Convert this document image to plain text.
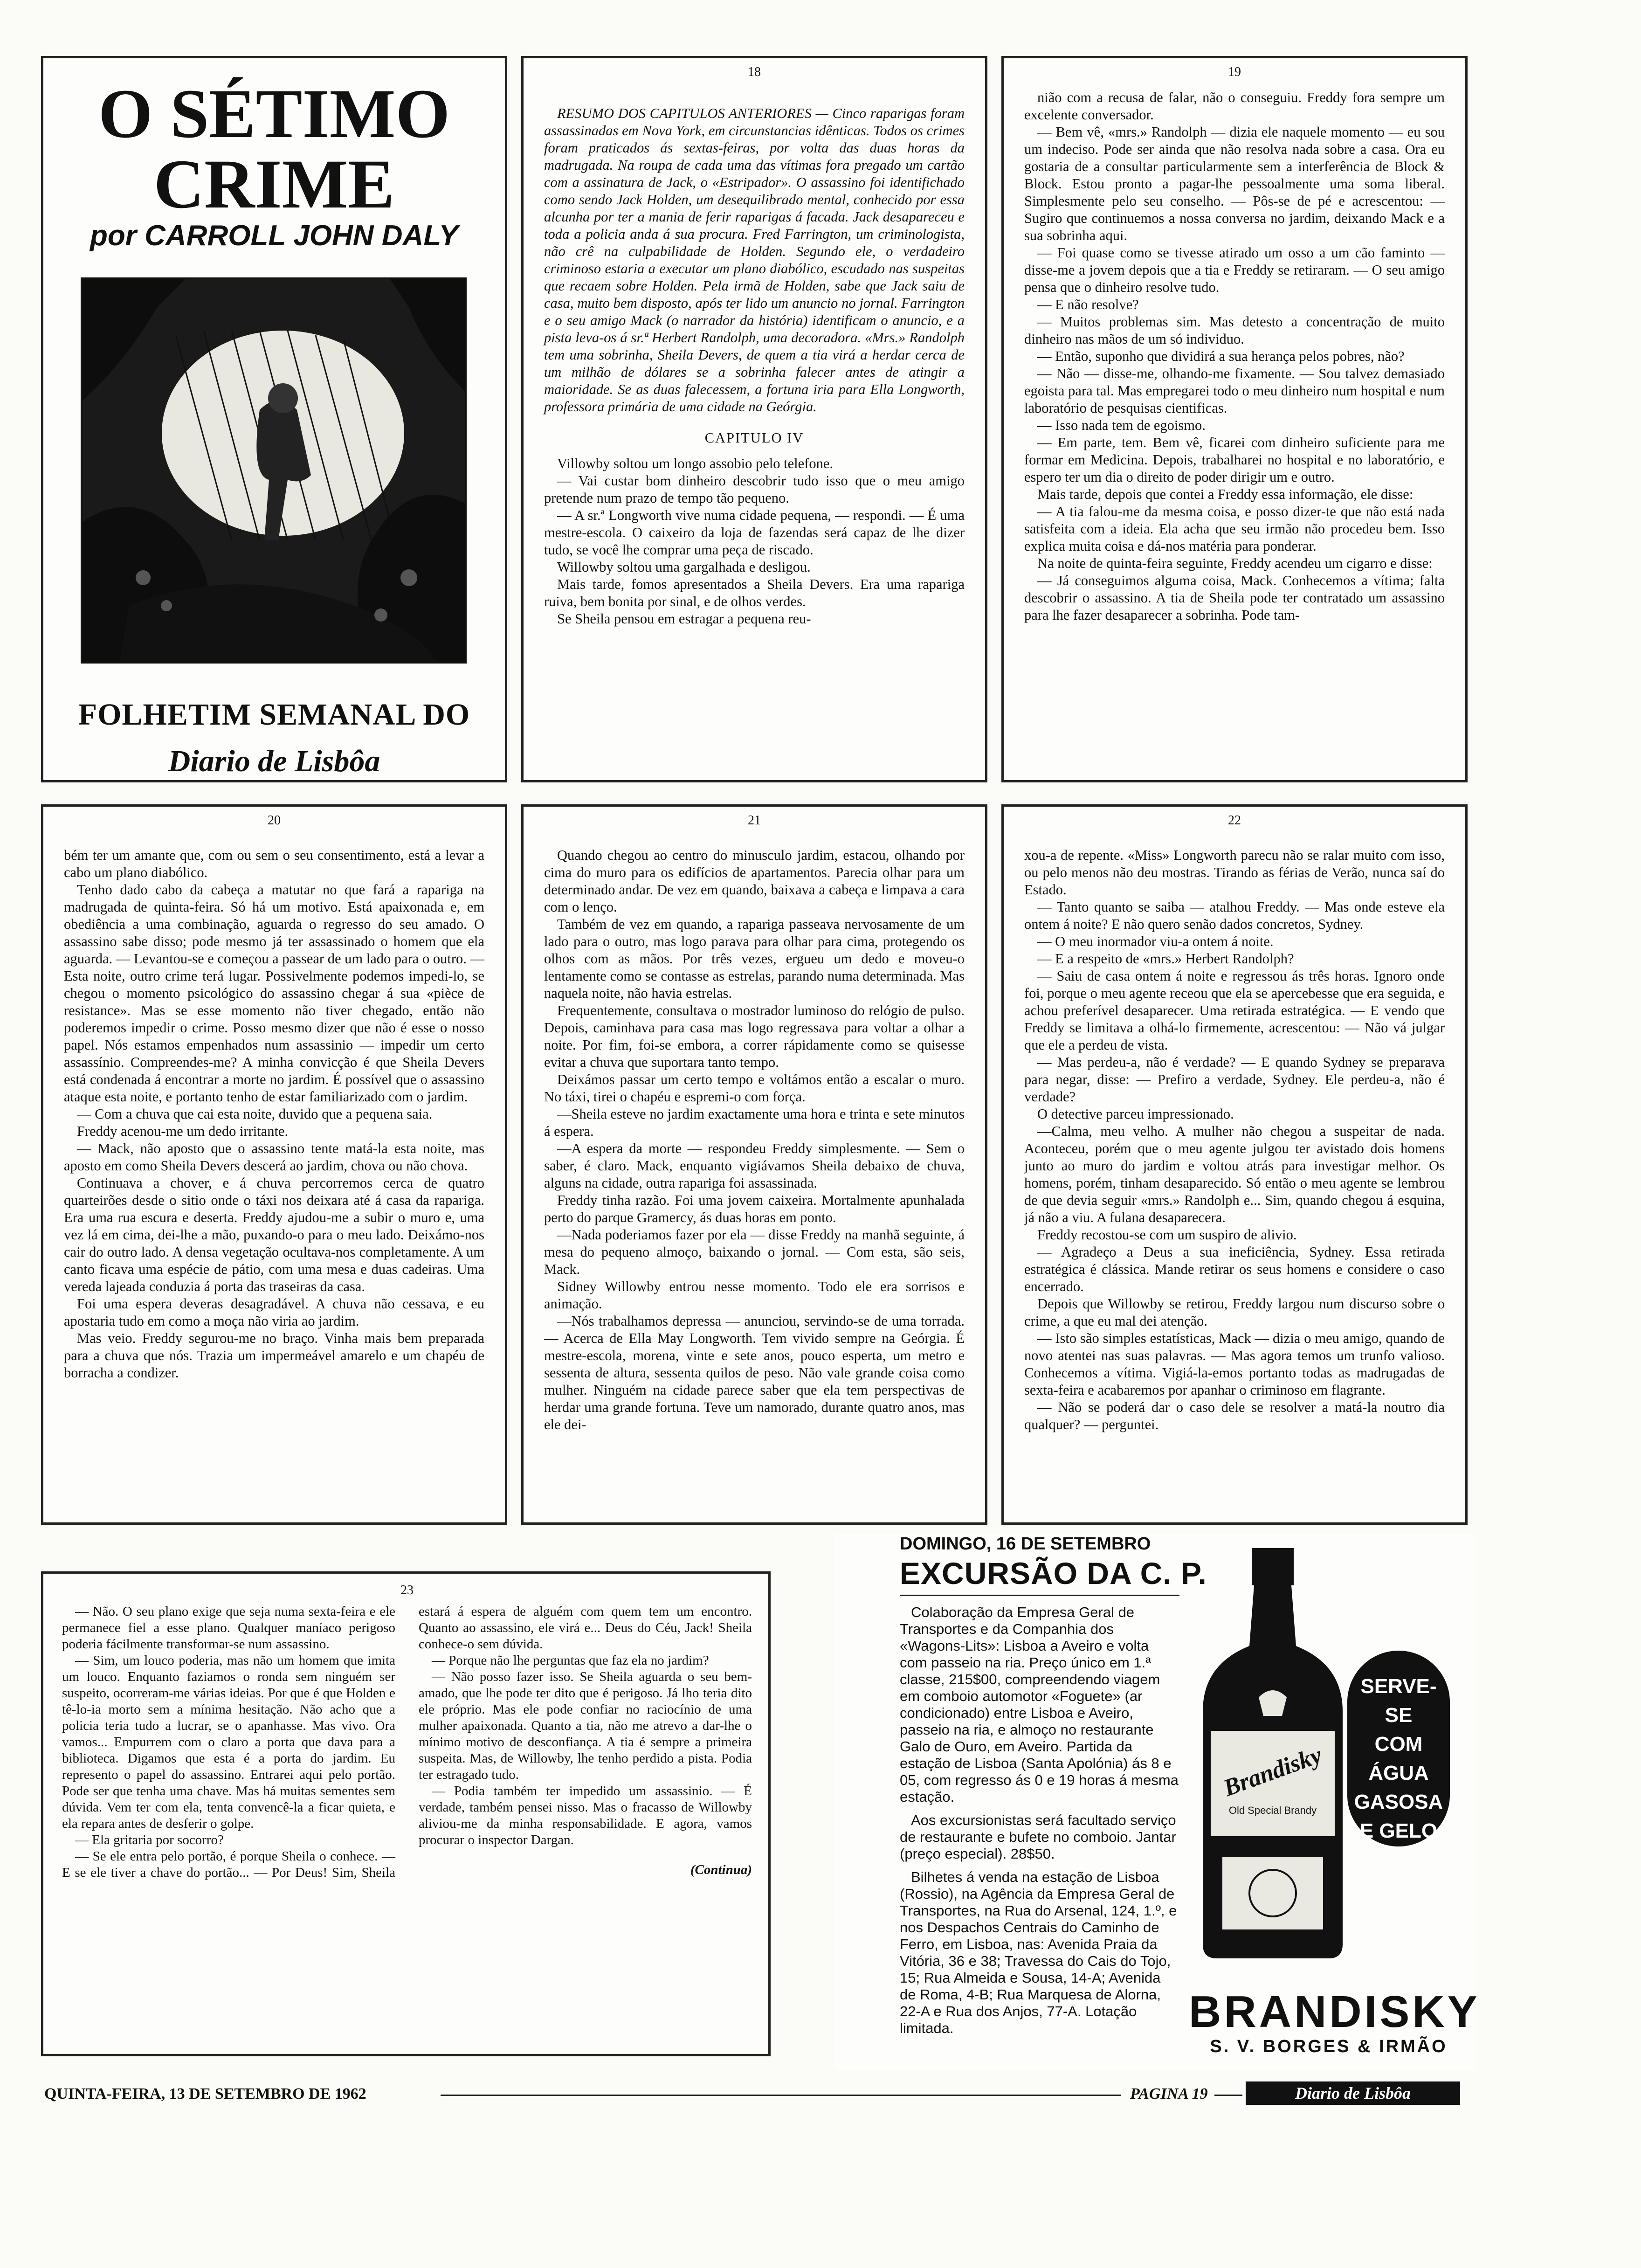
O SÉTIMO
CRIME
por CARROLL JOHN DALY
FOLHETIM SEMANAL DO
Diario de Lisbôa
18

RESUMO DOS CAPITULOS ANTERIORES — Cinco raparigas foram assassinadas em Nova York, em circunstancias idênticas. Todos os crimes foram praticados ás sextas-feiras, por volta das duas horas da madrugada. Na roupa de cada uma das vítimas fora pregado um cartão com a assinatura de Jack, o «Estripador». O assassino foi identifichado como sendo Jack Holden, um desequilibrado mental, conhecido por essa alcunha por ter a mania de ferir raparigas á facada. Jack desapareceu e toda a policia anda á sua procura. Fred Farrington, um criminologista, não crê na culpabilidade de Holden. Segundo ele, o verdadeiro criminoso estaria a executar um plano diabólico, escudado nas suspeitas que recaem sobre Holden. Pela irmã de Holden, sabe que Jack saiu de casa, muito bem disposto, após ter lido um anuncio no jornal. Farrington e o seu amigo Mack (o narrador da história) identificam o anuncio, e a pista leva-os á sr.ª Herbert Randolph, uma decoradora. «Mrs.» Randolph tem uma sobrinha, Sheila Devers, de quem a tia virá a herdar cerca de um milhão de dólares se a sobrinha falecer antes de atingir a maioridade. Se as duas falecessem, a fortuna iria para Ella Longworth, professora primária de uma cidade na Geórgia.

CAPITULO IV

Villowby soltou um longo assobio pelo telefone.

— Vai custar bom dinheiro descobrir tudo isso que o meu amigo pretende num prazo de tempo tão pequeno.

— A sr.ª Longworth vive numa cidade pequena, — respondi. — É uma mestre-escola. O caixeiro da loja de fazendas será capaz de lhe dizer tudo, se você lhe comprar uma peça de riscado.

Willowby soltou uma gargalhada e desligou.

Mais tarde, fomos apresentados a Sheila Devers. Era uma rapariga ruiva, bem bonita por sinal, e de olhos verdes.

Se Sheila pensou em estragar a pequena reu-

19

nião com a recusa de falar, não o conseguiu. Freddy fora sempre um excelente conversador.

— Bem vê, «mrs.» Randolph — dizia ele naquele momento — eu sou um indeciso. Pode ser ainda que não resolva nada sobre a casa. Ora eu gostaria de a consultar particularmente sem a interferência de Block & Block. Estou pronto a pagar-lhe pessoalmente uma soma liberal. Simplesmente pelo seu conselho. — Pôs-se de pé e acrescentou: — Sugiro que continuemos a nossa conversa no jardim, deixando Mack e a sua sobrinha aqui.

— Foi quase como se tivesse atirado um osso a um cão faminto — disse-me a jovem depois que a tia e Freddy se retiraram. — O seu amigo pensa que o dinheiro resolve tudo.

— E não resolve?

— Muitos problemas sim. Mas detesto a concentração de muito dinheiro nas mãos de um só individuo.

— Então, suponho que dividirá a sua herança pelos pobres, não?

— Não — disse-me, olhando-me fixamente. — Sou talvez demasiado egoista para tal. Mas empregarei todo o meu dinheiro num hospital e num laboratório de pesquisas cientificas.

— Isso nada tem de egoismo.

— Em parte, tem. Bem vê, ficarei com dinheiro suficiente para me formar em Medicina. Depois, trabalharei no hospital e no laboratório, e espero ter um dia o direito de poder dirigir um e outro.

Mais tarde, depois que contei a Freddy essa informação, ele disse:

— A tia falou-me da mesma coisa, e posso dizer-te que não está nada satisfeita com a ideia. Ela acha que seu irmão não procedeu bem. Isso explica muita coisa e dá-nos matéria para ponderar.

Na noite de quinta-feira seguinte, Freddy acendeu um cigarro e disse:

— Já conseguimos alguma coisa, Mack. Conhecemos a vítima; falta descobrir o assassino. A tia de Sheila pode ter contratado um assassino para lhe fazer desaparecer a sobrinha. Pode tam-

20

bém ter um amante que, com ou sem o seu consentimento, está a levar a cabo um plano diabólico.

Tenho dado cabo da cabeça a matutar no que fará a rapariga na madrugada de quinta-feira. Só há um motivo. Está apaixonada e, em obediência a uma combinação, aguarda o regresso do seu amado. O assassino sabe disso; pode mesmo já ter assassinado o homem que ela aguarda. — Levantou-se e começou a passear de um lado para o outro. — Esta noite, outro crime terá lugar. Possivelmente podemos impedi-lo, se chegou o momento psicológico do assassino chegar á sua «pièce de resistance». Mas se esse momento não tiver chegado, então não poderemos impedir o crime. Posso mesmo dizer que não é esse o nosso papel. Nós estamos empenhados num assassinio — impedir um certo assassínio. Compreendes-me? A minha convicção é que Sheila Devers está condenada á encontrar a morte no jardim. É possível que o assassino ataque esta noite, e portanto tenho de estar familiarizado com o jardim.

— Com a chuva que cai esta noite, duvido que a pequena saia.

Freddy acenou-me um dedo irritante.

— Mack, não aposto que o assassino tente matá-la esta noite, mas aposto em como Sheila Devers descerá ao jardim, chova ou não chova.

Continuava a chover, e á chuva percorremos cerca de quatro quarteirões desde o sitio onde o táxi nos deixara até á casa da rapariga. Era uma rua escura e deserta. Freddy ajudou-me a subir o muro e, uma vez lá em cima, dei-lhe a mão, puxando-o para o meu lado. Deixámo-nos cair do outro lado. A densa vegetação ocultava-nos completamente. A um canto ficava uma espécie de pátio, com uma mesa e duas cadeiras. Uma vereda lajeada conduzia á porta das traseiras da casa.

Foi uma espera deveras desagradável. A chuva não cessava, e eu apostaria tudo em como a moça não viria ao jardim.

Mas veio. Freddy segurou-me no braço. Vinha mais bem preparada para a chuva que nós. Trazia um impermeável amarelo e um chapéu de borracha a condizer.

21

Quando chegou ao centro do minusculo jardim, estacou, olhando por cima do muro para os edifícios de apartamentos. Parecia olhar para um determinado andar. De vez em quando, baixava a cabeça e limpava a cara com o lenço.

Também de vez em quando, a rapariga passeava nervosamente de um lado para o outro, mas logo parava para olhar para cima, protegendo os olhos com as mãos. Por três vezes, ergueu um dedo e moveu-o lentamente como se contasse as estrelas, parando numa determinada. Mas naquela noite, não havia estrelas.

Frequentemente, consultava o mostrador luminoso do relógio de pulso. Depois, caminhava para casa mas logo regressava para voltar a olhar a noite. Por fim, foi-se embora, a correr rápidamente como se quisesse evitar a chuva que suportara tanto tempo.

Deixámos passar um certo tempo e voltámos então a escalar o muro. No táxi, tirei o chapéu e espremi-o com força.

—Sheila esteve no jardim exactamente uma hora e trinta e sete minutos á espera.

—A espera da morte — respondeu Freddy simplesmente. — Sem o saber, é claro. Mack, enquanto vigiávamos Sheila debaixo de chuva, alguns na cidade, outra rapariga foi assassinada.

Freddy tinha razão. Foi uma jovem caixeira. Mortalmente apunhalada perto do parque Gramercy, ás duas horas em ponto.

—Nada poderiamos fazer por ela — disse Freddy na manhã seguinte, á mesa do pequeno almoço, baixando o jornal. — Com esta, são seis, Mack.

Sidney Willowby entrou nesse momento. Todo ele era sorrisos e animação.

—Nós trabalhamos depressa — anunciou, servindo-se de uma torrada. — Acerca de Ella May Longworth. Tem vivido sempre na Geórgia. É mestre-escola, morena, vinte e sete anos, pouco esperta, um metro e sessenta de altura, sessenta quilos de peso. Não vale grande coisa como mulher. Ninguém na cidade parece saber que ela tem perspectivas de herdar uma grande fortuna. Teve um namorado, durante quatro anos, mas ele dei-

22

xou-a de repente. «Miss» Longworth parecu não se ralar muito com isso, ou pelo menos não deu mostras. Tirando as férias de Verão, nunca saí do Estado.

— Tanto quanto se saiba — atalhou Freddy. — Mas onde esteve ela ontem á noite? E não quero senão dados concretos, Sydney.

— O meu inormador viu-a ontem á noite.

— E a respeito de «mrs.» Herbert Randolph?

— Saiu de casa ontem á noite e regressou ás três horas. Ignoro onde foi, porque o meu agente receou que ela se apercebesse que era seguida, e achou preferível desaparecer. Uma retirada estratégica. — E vendo que Freddy se limitava a olhá-lo firmemente, acrescentou: — Não vá julgar que ele a perdeu de vista.

— Mas perdeu-a, não é verdade? — E quando Sydney se preparava para negar, disse: — Prefiro a verdade, Sydney. Ele perdeu-a, não é verdade?

O detective parceu impressionado.

—Calma, meu velho. A mulher não chegou a suspeitar de nada. Aconteceu, porém que o meu agente julgou ter avistado dois homens junto ao muro do jardim e voltou atrás para investigar melhor. Os homens, porém, tinham desaparecido. Só então o meu agente se lembrou de que devia seguir «mrs.» Randolph e... Sim, quando chegou á esquina, já não a viu. A fulana desaparecera.

Freddy recostou-se com um suspiro de alivio.

— Agradeço a Deus a sua ineficiência, Sydney. Essa retirada estratégica é clássica. Mande retirar os seus homens e considere o caso encerrado.

Depois que Willowby se retirou, Freddy largou num discurso sobre o crime, a que eu mal dei atenção.

— Isto são simples estatísticas, Mack — dizia o meu amigo, quando de novo atentei nas suas palavras. — Mas agora temos um trunfo valioso. Conhecemos a vítima. Vigiá-la-emos portanto todas as madrugadas de sexta-feira e acabaremos por apanhar o criminoso em flagrante.

— Não se poderá dar o caso dele se resolver a matá-la noutro dia qualquer? — perguntei.

23

— Não. O seu plano exige que seja numa sexta-feira e ele permanece fiel a esse plano. Qualquer maníaco perigoso poderia fácilmente transformar-se num assassino.

— Sim, um louco poderia, mas não um homem que imita um louco. Enquanto faziamos o ronda sem ninguém ser suspeito, ocorreram-me várias ideias. Por que é que Holden e tê-lo-ia morto sem a mínima hesitação. Não acho que a policia teria tudo a lucrar, se o apanhasse. Mas vivo. Ora vamos... Empurrem com o claro a porta que dava para a biblioteca. Digamos que esta é a porta do jardim. Eu represento o papel do assassino. Entrarei aqui pelo portão. Pode ser que tenha uma chave. Mas há muitas sementes sem dúvida. Vem ter com ela, tenta convencê-la a ficar quieta, e ela repara antes de desferir o golpe.

— Ela gritaria por socorro?

— Se ele entra pelo portão, é porque Sheila o conhece. — E se ele tiver a chave do portão... — Por Deus! Sim, Sheila estará á espera de alguém com quem tem um encontro. Quanto ao assassino, ele virá e... Deus do Céu, Jack! Sheila conhece-o sem dúvida.

— Porque não lhe perguntas que faz ela no jardim?

— Não posso fazer isso. Se Sheila aguarda o seu bem-amado, que lhe pode ter dito que é perigoso. Já lho teria dito ele próprio. Mas ele pode confiar no raciocínio de uma mulher apaixonada. Quanto a tia, não me atrevo a dar-lhe o mínimo motivo de desconfiança. A tia é sempre a primeira suspeita. Mas, de Willowby, lhe tenho perdido a pista. Podia ter estragado tudo.

— Podia também ter impedido um assassinio. — É verdade, também pensei nisso. Mas o fracasso de Willowby aliviou-me da minha responsabilidade. E agora, vamos procurar o inspector Dargan.

(Continua)

DOMINGO, 16 DE SETEMBRO
EXCURSÃO DA C. P.

Colaboração da Empresa Geral de Transportes e da Companhia dos «Wagons-Lits»: Lisboa a Aveiro e volta com passeio na ria. Preço único em 1.ª classe, 215$00, compreendendo viagem em comboio automotor «Foguete» (ar condicionado) entre Lisboa e Aveiro, passeio na ria, e almoço no restaurante Galo de Ouro, em Aveiro. Partida da estação de Lisboa (Santa Apolónia) ás 8 e 05, com regresso ás 0 e 19 horas á mesma estação.

Aos excursionistas será facultado serviço de restaurante e bufete no comboio. Jantar (preço especial). 28$50.

Bilhetes á venda na estação de Lisboa (Rossio), na Agência da Empresa Geral de Transportes, na Rua do Arsenal, 124, 1.º, e nos Despachos Centrais do Caminho de Ferro, em Lisboa, nas: Avenida Praia da Vitória, 36 e 38; Travessa do Cais do Tojo, 15; Rua Almeida e Sousa, 14-A; Avenida de Roma, 4-B; Rua Marquesa de Alorna, 22-A e Rua dos Anjos, 77-A. Lotação limitada.

Brandisky
Old Special Brandy
SERVE-SE
COM
ÁGUA
GASOSA
E GELO
BRANDISKY
S. V. BORGES & IRMÃO
QUINTA-FEIRA, 13 DE SETEMBRO DE 1962	PAGINA 19	Diario de Lisbôa
